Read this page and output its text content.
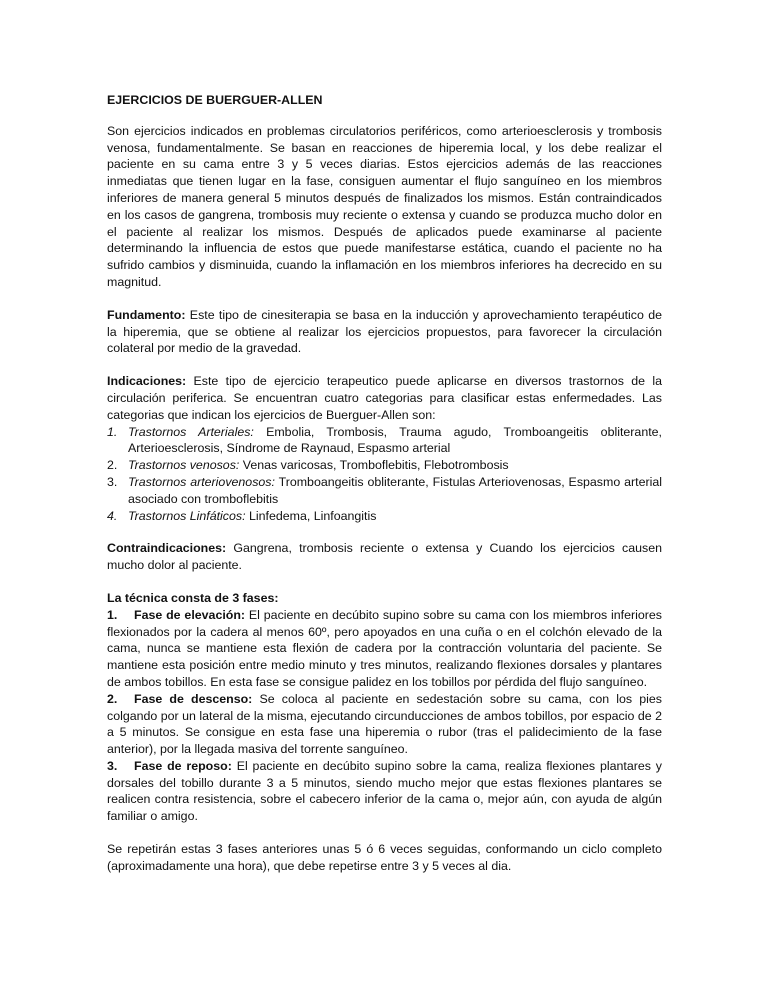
EJERCICIOS DE BUERGUER-ALLEN

Son ejercicios indicados en problemas circulatorios periféricos, como arterioesclerosis y trombosis venosa, fundamentalmente. Se basan en reacciones de hiperemia local, y los debe realizar el paciente en su cama entre 3 y 5 veces diarias. Estos ejercicios además de las reacciones inmediatas que tienen lugar en la fase, consiguen aumentar el flujo sanguíneo en los miembros inferiores de manera general 5 minutos después de finalizados los mismos. Están contraindicados en los casos de gangrena, trombosis muy reciente o extensa y cuando se produzca mucho dolor en el paciente al realizar los mismos. Después de aplicados puede examinarse al paciente determinando la influencia de estos que puede manifestarse estática, cuando el paciente no ha sufrido cambios y disminuida, cuando la inflamación en los miembros inferiores ha decrecido en su magnitud.

Fundamento: Este tipo de cinesiterapia se basa en la inducción y aprovechamiento terapéutico de la hiperemia, que se obtiene al realizar los ejercicios propuestos, para favorecer la circulación colateral por medio de la gravedad.

Indicaciones: Este tipo de ejercicio terapeutico puede aplicarse en diversos trastornos de la circulación periferica. Se encuentran cuatro categorias para clasificar estas enfermedades. Las categorias que indican los ejercicios de Buerguer-Allen son:

1. Trastornos Arteriales: Embolia, Trombosis, Trauma agudo, Tromboangeitis obliterante, Arterioesclerosis, Síndrome de Raynaud, Espasmo arterial
2. Trastornos venosos: Venas varicosas, Tromboflebitis, Flebotrombosis
3. Trastornos arteriovenosos: Tromboangeitis obliterante, Fistulas Arteriovenosas, Espasmo arterial asociado con tromboflebitis
4. Trastornos Linfáticos: Linfedema, Linfoangitis

Contraindicaciones: Gangrena, trombosis reciente o extensa y Cuando los ejercicios causen mucho dolor al paciente.

La técnica consta de 3 fases:
1. Fase de elevación: El paciente en decúbito supino sobre su cama con los miembros inferiores flexionados por la cadera al menos 60º, pero apoyados en una cuña o en el colchón elevado de la cama, nunca se mantiene esta flexión de cadera por la contracción voluntaria del paciente. Se mantiene esta posición entre medio minuto y tres minutos, realizando flexiones dorsales y plantares de ambos tobillos. En esta fase se consigue palidez en los tobillos por pérdida del flujo sanguíneo.
2. Fase de descenso: Se coloca al paciente en sedestación sobre su cama, con los pies colgando por un lateral de la misma, ejecutando circunducciones de ambos tobillos, por espacio de 2 a 5 minutos. Se consigue en esta fase una hiperemia o rubor (tras el palidecimiento de la fase anterior), por la llegada masiva del torrente sanguíneo.
3. Fase de reposo: El paciente en decúbito supino sobre la cama, realiza flexiones plantares y dorsales del tobillo durante 3 a 5 minutos, siendo mucho mejor que estas flexiones plantares se realicen contra resistencia, sobre el cabecero inferior de la cama o, mejor aún, con ayuda de algún familiar o amigo.

Se repetirán estas 3 fases anteriores unas 5 ó 6 veces seguidas, conformando un ciclo completo (aproximadamente una hora), que debe repetirse entre 3 y 5 veces al dia.
